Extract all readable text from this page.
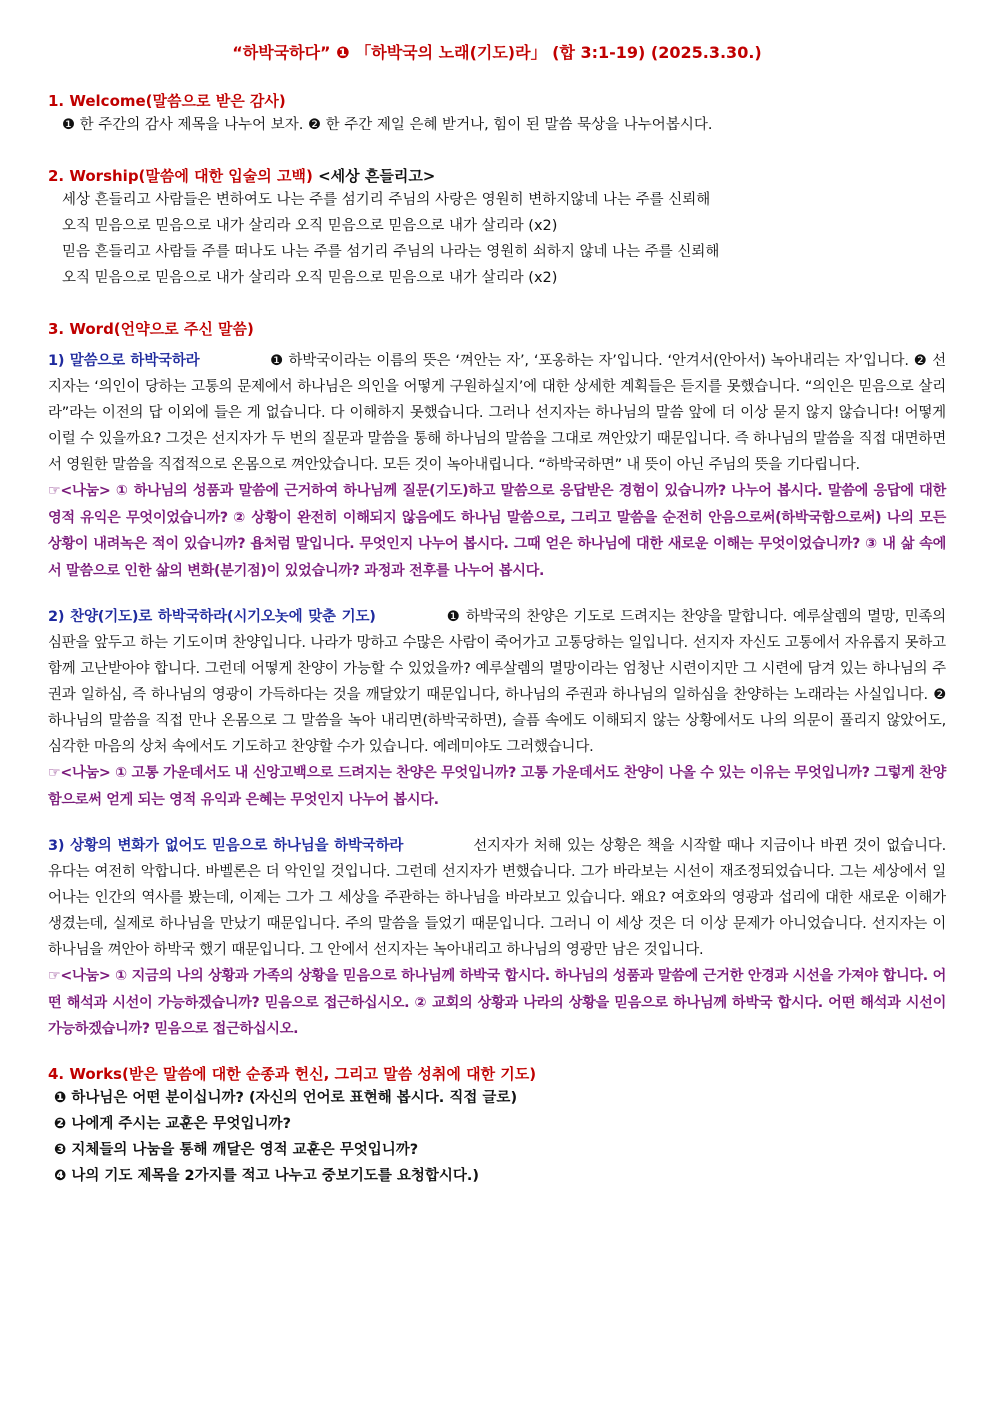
“하박국하다” ❶ 「하박국의 노래(기도)라」 (합 3:1-19) (2025.3.30.)
1. Welcome(말씀으로 받은 감사)
❶ 한 주간의 감사 제목을 나누어 보자. ❷ 한 주간 제일 은혜 받거나, 힘이 된 말씀 묵상을 나누어봅시다.
2. Worship(말씀에 대한 입술의 고백) <세상 흔들리고>
세상 흔들리고 사람들은 변하여도 나는 주를 섬기리 주님의 사랑은 영원히 변하지않네 나는 주를 신뢰해
오직 믿음으로 믿음으로 내가 살리라 오직 믿음으로 믿음으로 내가 살리라 (x2)
믿음 흔들리고 사람들 주를 떠나도 나는 주를 섬기리 주님의 나라는 영원히 쇠하지 않네 나는 주를 신뢰해
오직 믿음으로 믿음으로 내가 살리라 오직 믿음으로 믿음으로 내가 살리라 (x2)
3. Word(언약으로 주신 말씀)
1) 말씀으로 하박국하라	❶ 하박국이라는 이름의 뜻은 ‘껴안는 자’, ‘포옹하는 자’입니다. ‘안겨서(안아서) 녹아내리는 자’입니다. ❷ 선지자는 ‘의인이 당하는 고통의 문제에서 하나님은 의인을 어떻게 구원하실지’에 대한 상세한 계획들은 듣지를 못했습니다. “의인은 믿음으로 살리라”라는 이전의 답 이외에 들은 게 없습니다. 다 이해하지 못했습니다. 그러나 선지자는 하나님의 말씀 앞에 더 이상 묻지 않지 않습니다! 어떻게 이럴 수 있을까요? 그것은 선지자가 두 번의 질문과 말씀을 통해 하나님의 말씀을 그대로 껴안았기 때문입니다. 즉 하나님의 말씀을 직접 대면하면서 영원한 말씀을 직접적으로 온몸으로 껴안았습니다. 모든 것이 녹아내립니다. “하박국하면” 내 뜻이 아닌 주님의 뜻을 기다립니다.
☞<나눔> ① 하나님의 성품과 말씀에 근거하여 하나님께 질문(기도)하고 말씀으로 응답받은 경험이 있습니까? 나누어 봅시다. 말씀에 응답에 대한 영적 유익은 무엇이었습니까? ② 상황이 완전히 이해되지 않음에도 하나님 말씀으로, 그리고 말씀을 순전히 안음으로써(하박국함으로써) 나의 모든 상황이 내려녹은 적이 있습니까? 욥처럼 말입니다. 무엇인지 나누어 봅시다. 그때 얻은 하나님에 대한 새로운 이해는 무엇이었습니까? ③ 내 삶 속에서 말씀으로 인한 삶의 변화(분기점)이 있었습니까? 과정과 전후를 나누어 봅시다.
2) 찬양(기도)로 하박국하라(시기오놋에 맞춘 기도)	❶ 하박국의 찬양은 기도로 드려지는 찬양을 말합니다. 예루살렘의 멸망, 민족의 심판을 앞두고 하는 기도이며 찬양입니다. 나라가 망하고 수많은 사람이 죽어가고 고통당하는 일입니다. 선지자 자신도 고통에서 자유롭지 못하고 함께 고난받아야 합니다. 그런데 어떻게 찬양이 가능할 수 있었을까? 예루살렘의 멸망이라는 엄청난 시련이지만 그 시련에 담겨 있는 하나님의 주권과 일하심, 즉 하나님의 영광이 가득하다는 것을 깨달았기 때문입니다, 하나님의 주권과 하나님의 일하심을 찬양하는 노래라는 사실입니다. ❷ 하나님의 말씀을 직접 만나 온몸으로 그 말씀을 녹아 내리면(하박국하면), 슬픔 속에도 이해되지 않는 상황에서도 나의 의문이 풀리지 않았어도, 심각한 마음의 상처 속에서도 기도하고 찬양할 수가 있습니다. 예레미야도 그러했습니다.
☞<나눔> ① 고통 가운데서도 내 신앙고백으로 드려지는 찬양은 무엇입니까? 고통 가운데서도 찬양이 나올 수 있는 이유는 무엇입니까? 그렇게 찬양함으로써 얻게 되는 영적 유익과 은혜는 무엇인지 나누어 봅시다.
3) 상황의 변화가 없어도 믿음으로 하나님을 하박국하라	선지자가 처해 있는 상황은 책을 시작할 때나 지금이나 바뀐 것이 없습니다. 유다는 여전히 악합니다. 바벨론은 더 악인일 것입니다. 그런데 선지자가 변했습니다. 그가 바라보는 시선이 재조정되었습니다. 그는 세상에서 일어나는 인간의 역사를 봤는데, 이제는 그가 그 세상을 주관하는 하나님을 바라보고 있습니다. 왜요? 여호와의 영광과 섭리에 대한 새로운 이해가 생겼는데, 실제로 하나님을 만났기 때문입니다. 주의 말씀을 들었기 때문입니다. 그러니 이 세상 것은 더 이상 문제가 아니었습니다. 선지자는 이 하나님을 껴안아 하박국 했기 때문입니다. 그 안에서 선지자는 녹아내리고 하나님의 영광만 남은 것입니다.
☞<나눔> ① 지금의 나의 상황과 가족의 상황을 믿음으로 하나님께 하박국 합시다. 하나님의 성품과 말씀에 근거한 안경과 시선을 가져야 합니다. 어떤 해석과 시선이 가능하겠습니까? 믿음으로 접근하십시오. ② 교회의 상황과 나라의 상황을 믿음으로 하나님께 하박국 합시다. 어떤 해석과 시선이 가능하겠습니까? 믿음으로 접근하십시오.
4. Works(받은 말씀에 대한 순종과 헌신, 그리고 말씀 성취에 대한 기도)
❶ 하나님은 어떤 분이십니까? (자신의 언어로 표현해 봅시다. 직접 글로)
❷ 나에게 주시는 교훈은 무엇입니까?
❸ 지체들의 나눔을 통해 깨달은 영적 교훈은 무엇입니까?
❹ 나의 기도 제목을 2가지를 적고 나누고 중보기도를 요청합시다.)
